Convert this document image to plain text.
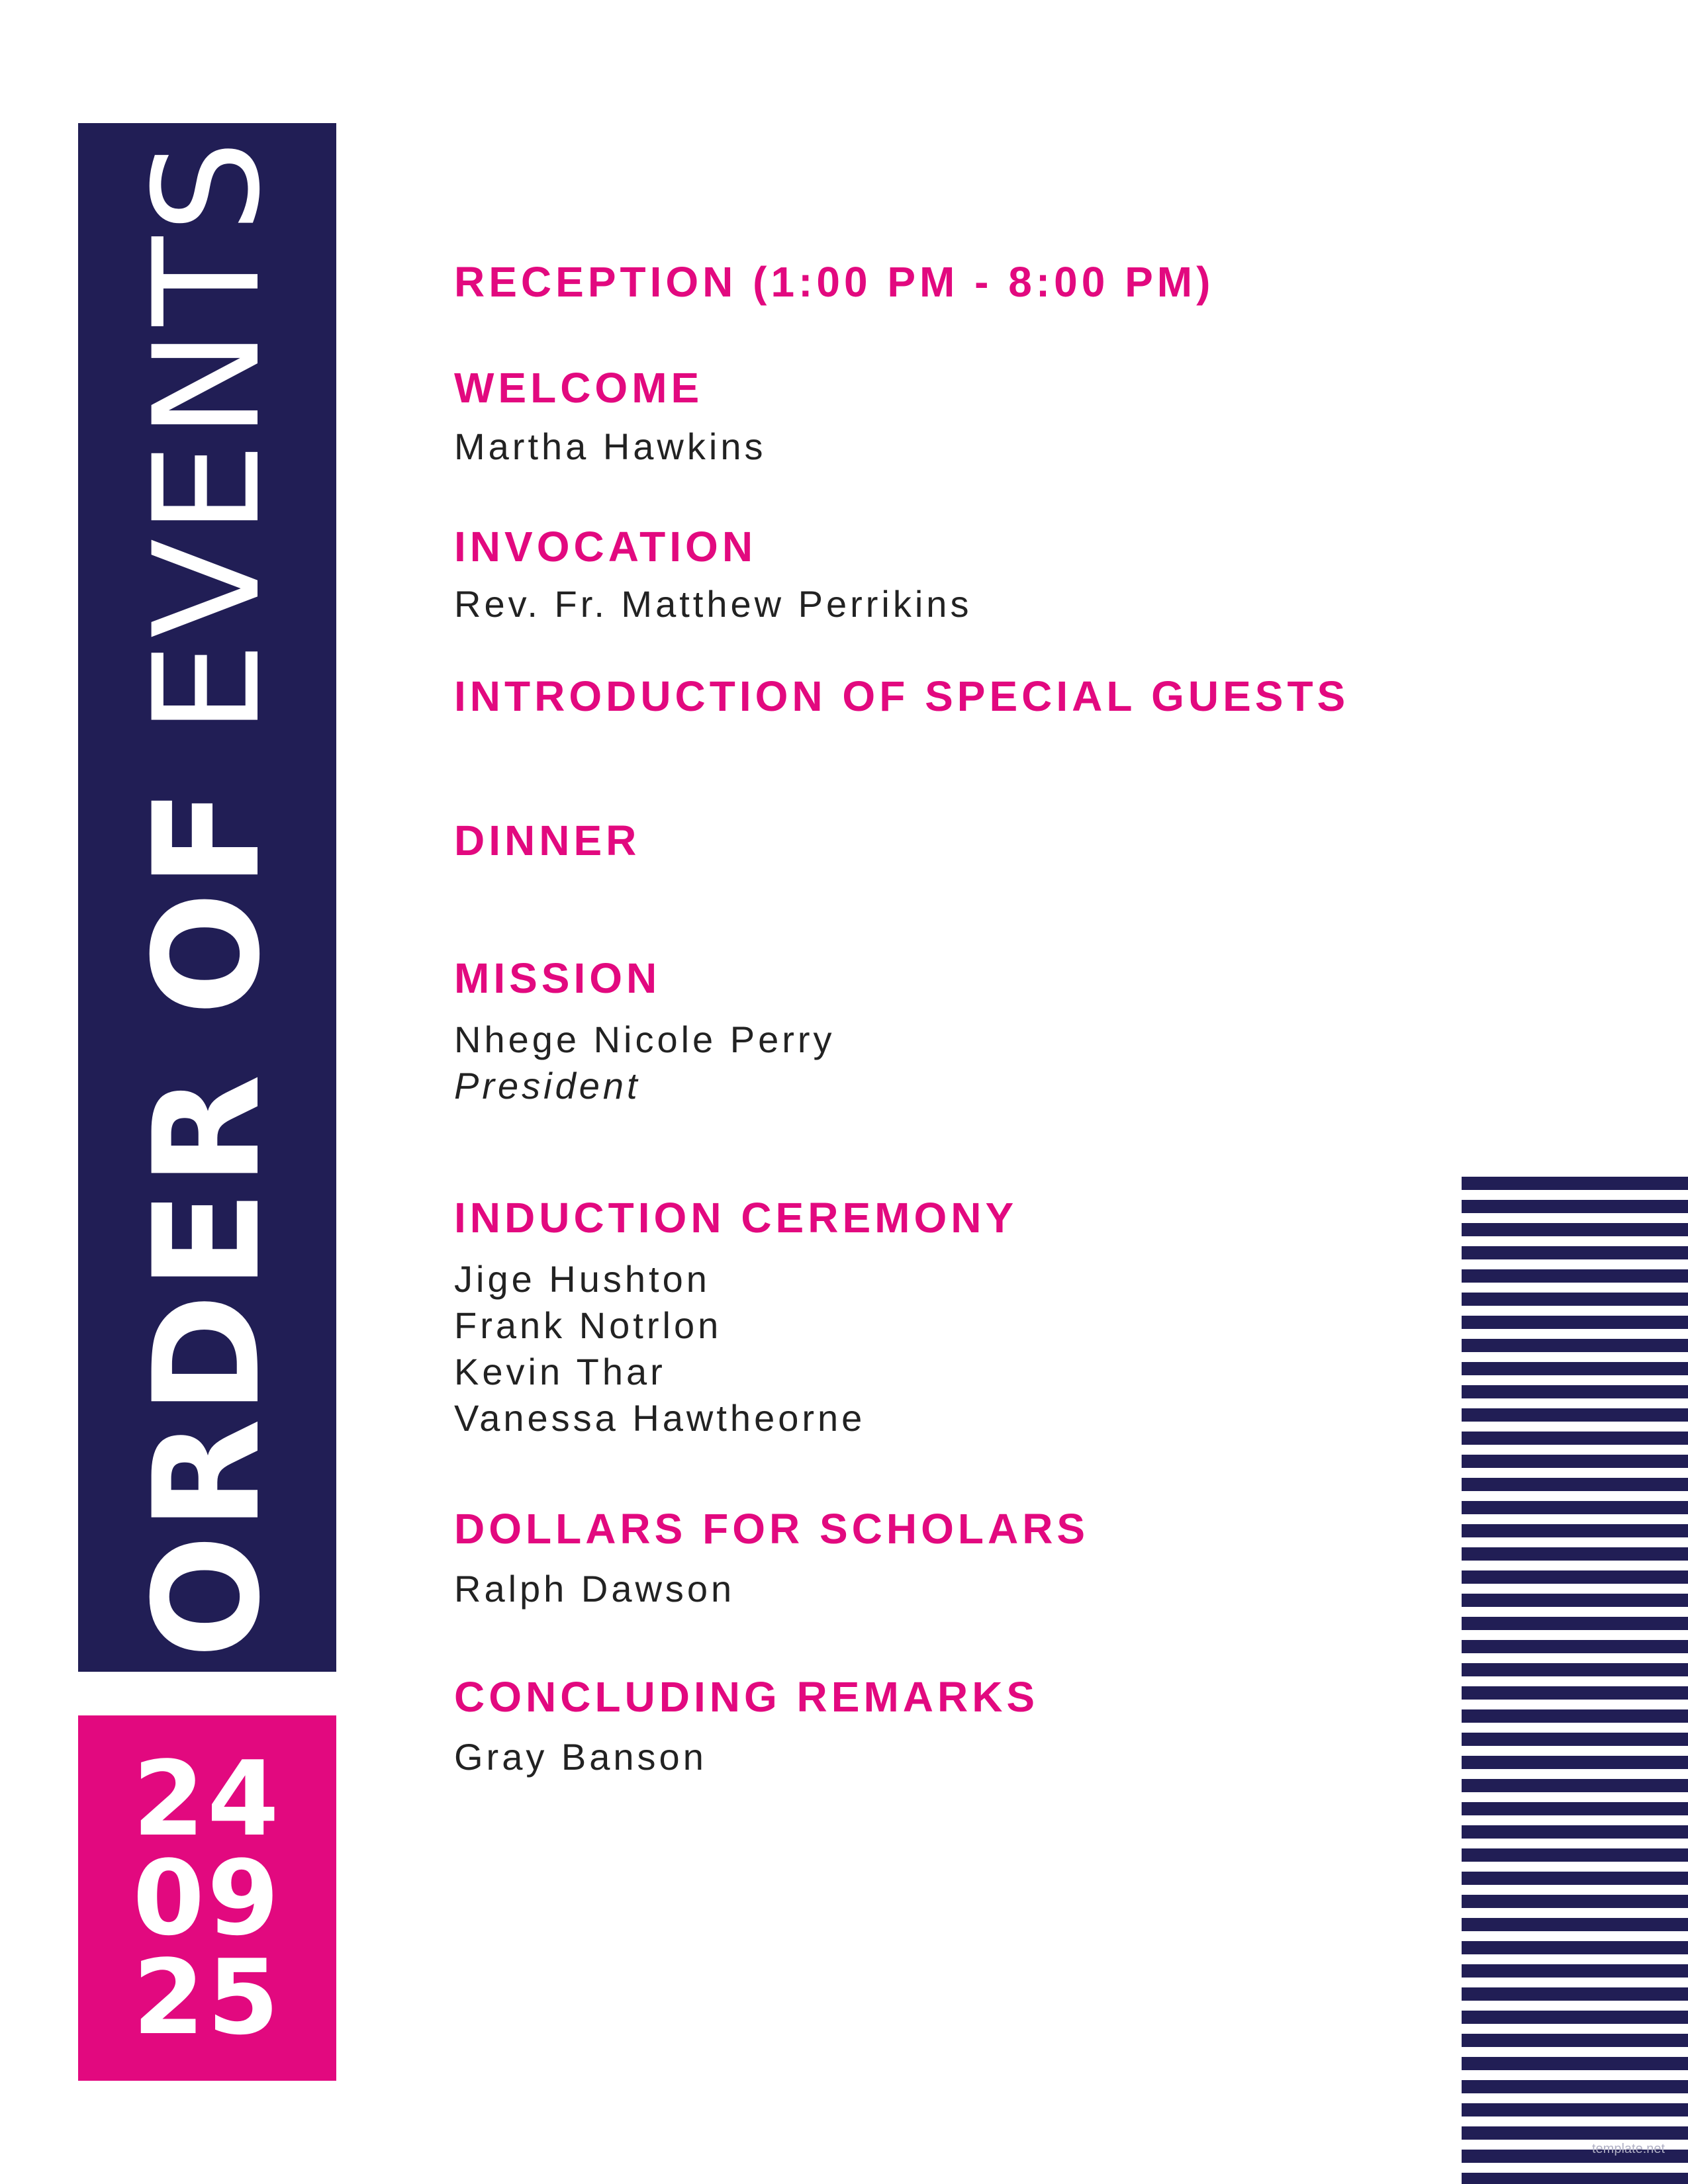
ORDER OF EVENTS
24
09
25
RECEPTION (1:00 PM - 8:00 PM)
WELCOME
Martha Hawkins
INVOCATION
Rev. Fr. Matthew Perrikins
INTRODUCTION OF SPECIAL GUESTS
DINNER
MISSION
Nhege Nicole Perry
President
INDUCTION CEREMONY
Jige Hushton
Frank Notrlon
Kevin Thar
Vanessa Hawtheorne
DOLLARS FOR SCHOLARS
Ralph Dawson
CONCLUDING REMARKS
Gray Banson
template.net
